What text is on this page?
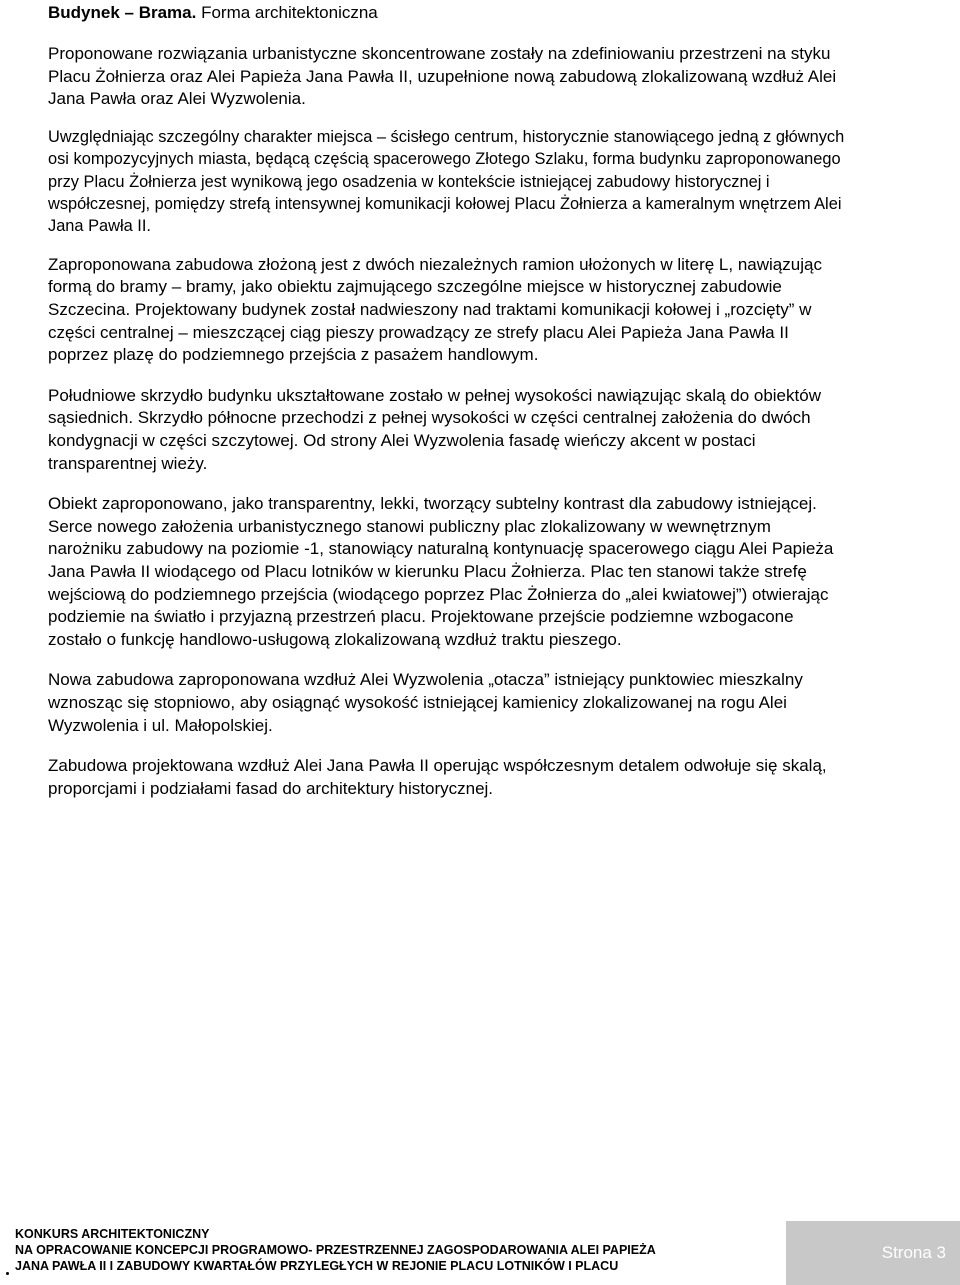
Budynek – Brama. Forma architektoniczna

Proponowane rozwiązania urbanistyczne skoncentrowane zostały na zdefiniowaniu przestrzeni na styku Placu Żołnierza oraz Alei Papieża Jana Pawła II, uzupełnione nową zabudową zlokalizowaną wzdłuż Alei Jana Pawła oraz Alei Wyzwolenia.

Uwzględniając szczególny charakter miejsca – ścisłego centrum, historycznie stanowiącego jedną z głównych osi kompozycyjnych miasta, będącą częścią spacerowego Złotego Szlaku, forma budynku zaproponowanego przy Placu Żołnierza jest wynikową jego osadzenia w kontekście istniejącej zabudowy historycznej i współczesnej, pomiędzy strefą intensywnej komunikacji kołowej Placu Żołnierza a kameralnym wnętrzem Alei Jana Pawła II.

Zaproponowana zabudowa złożoną jest z dwóch niezależnych ramion ułożonych w literę L, nawiązując formą do bramy – bramy, jako obiektu zajmującego szczególne miejsce w historycznej zabudowie Szczecina. Projektowany budynek został nadwieszony nad traktami komunikacji kołowej i „rozcięty” w części centralnej – mieszczącej ciąg pieszy prowadzący ze strefy placu Alei Papieża Jana Pawła II poprzez plazę do podziemnego przejścia z pasażem handlowym.

Południowe skrzydło budynku ukształtowane zostało w pełnej wysokości nawiązując skalą do obiektów sąsiednich. Skrzydło północne przechodzi z pełnej wysokości w części centralnej założenia do dwóch kondygnacji w części szczytowej. Od strony Alei Wyzwolenia fasadę wieńczy akcent w postaci transparentnej wieży.

Obiekt zaproponowano, jako transparentny, lekki, tworzący subtelny kontrast dla zabudowy istniejącej. Serce nowego założenia urbanistycznego stanowi publiczny plac zlokalizowany w wewnętrznym narożniku zabudowy na poziomie -1, stanowiący naturalną kontynuację spacerowego ciągu Alei Papieża Jana Pawła II wiodącego od Placu lotników w kierunku Placu Żołnierza. Plac ten stanowi także strefę wejściową do podziemnego przejścia (wiodącego poprzez Plac Żołnierza do „alei kwiatowej”) otwierając podziemie na światło i przyjazną przestrzeń placu. Projektowane przejście podziemne wzbogacone zostało o funkcję handlowo-usługową zlokalizowaną wzdłuż traktu pieszego.

Nowa zabudowa zaproponowana wzdłuż Alei Wyzwolenia „otacza” istniejący punktowiec mieszkalny wznosząc się stopniowo, aby osiągnąć wysokość istniejącej kamienicy zlokalizowanej na rogu Alei Wyzwolenia i ul. Małopolskiej.

Zabudowa projektowana wzdłuż Alei Jana Pawła II operując współczesnym detalem odwołuje się skalą, proporcjami i podziałami fasad do architektury historycznej.

KONKURS ARCHITEKTONICZNY

NA OPRACOWANIE KONCEPCJI PROGRAMOWO- PRZESTRZENNEJ ZAGOSPODAROWANIA ALEI PAPIEŻA

JANA PAWŁA II I ZABUDOWY KWARTAŁÓW PRZYLEGŁYCH W REJONIE PLACU LOTNIKÓW I PLACU

Strona 3
